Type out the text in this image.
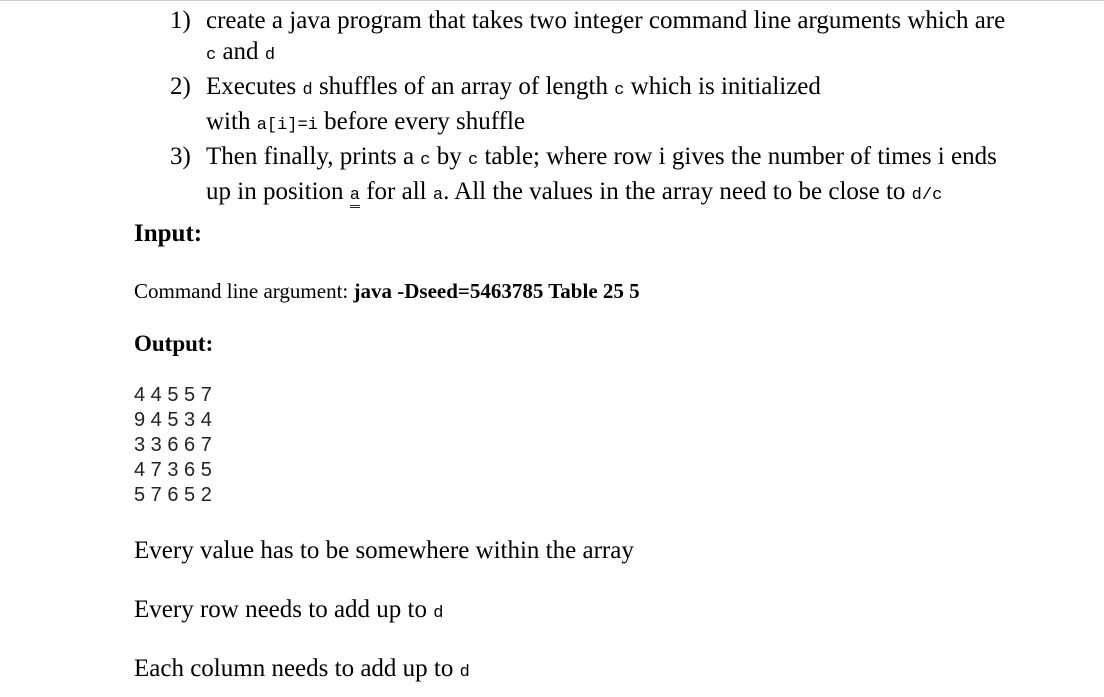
1) create a java program that takes two integer command line arguments which are
c and d
2) Executes d shuffles of an array of length c which is initialized
with a[i]=i before every shuffle
3) Then finally, prints a c by c table; where row i gives the number of times i ends
up in position a for all a. All the values in the array need to be close to d/c
Input:
Command line argument: java -Dseed=5463785 Table 25 5
Output:
4 4 5 5 7
9 4 5 3 4
3 3 6 6 7
4 7 3 6 5
5 7 6 5 2
Every value has to be somewhere within the array
Every row needs to add up to d
Each column needs to add up to d
